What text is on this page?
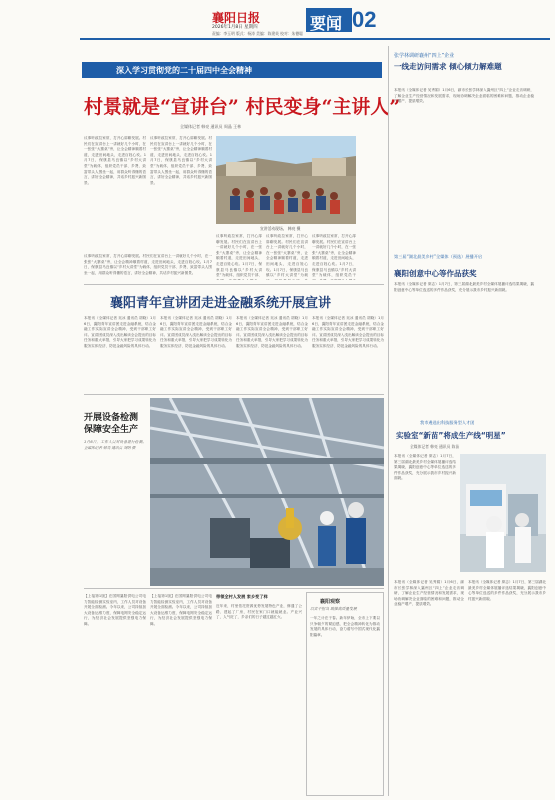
襄阳日报
2026年1月8日 星期四
责编：李玉明 版式：杨涛 美编：陈建英 校对：朱德聪
要闻 02
深入学习贯彻党的二十届四中全会精神
村景就是“宣讲台” 村民变身“主讲人”
全媒体记者 韩亮 通讯员 周晶 王林
议事听政拉家常，打开心扉聊发展。村民们在宣讲台上一讲就好几个小时，在一张张“大寨桌”旁，让全会精神顺着村道，走进田间地头，走进百姓心坎。1月7日，保康县马良镇以“乡村大讲堂”为载体，组织党员干部、乡贤、致富带头人围坐一起，用群众听得懂的语言，讲好全会精神，共话乡村振兴新图景。
议事听政拉家常，打开心扉聊发展。村民们在宣讲台上一讲就好几个小时，在一张张“大寨桌”旁，让全会精神顺着村道，走进田间地头，走进百姓心坎。1月7日，保康县马良镇以“乡村大讲堂”为载体，组织党员干部、乡贤、致富带头人围坐一起，用群众听得懂的语言，讲好全会精神，共话乡村振兴新图景。
议事听政拉家常，打开心扉聊发展。村民们在宣讲台上一讲就好几个小时，在一张张“大寨桌”旁，让全会精神顺着村道，走进田间地头，走进百姓心坎。1月7日，保康县马良镇以“乡村大讲堂”为载体，组织党员干部、乡贤、致富带头人围坐一起，用群众听得懂的语言，讲好全会精神，共话乡村振兴新图景。
宣讲活动现场。 韩亮 摄
议事听政拉家常，打开心扉聊发展。村民们在宣讲台上一讲就好几个小时，在一张张“大寨桌”旁，让全会精神顺着村道，走进田间地头，走进百姓心坎。1月7日，保康县马良镇以“乡村大讲堂”为载体，组织党员干部、
议事听政拉家常，打开心扉聊发展。村民们在宣讲台上一讲就好几个小时，在一张张“大寨桌”旁，让全会精神顺着村道，走进田间地头，走进百姓心坎。1月7日，保康县马良镇以“乡村大讲堂”为载
议事听政拉家常，打开心扉聊发展。村民们在宣讲台上一讲就好几个小时，在一张张“大寨桌”旁，让全会精神顺着村道，走进田间地头，走进百姓心坎。1月7日，保康县马良镇以“乡村大讲堂”为载体，组织党员干
襄阳青年宣讲团走进金融系统开展宣讲
本报讯（全媒体记者 吴冰 通讯员 胡晓）1月6日，襄阳青年宣讲团走进金融系统，结合金融工作实际宣讲全会精神，受到干部职工好评。宣讲团成员深入浅出解读全会提出的目标任务和重大举措，引导大家把学习成果转化为服务实体经济、防范金融风险的具体行动。
本报讯（全媒体记者 吴冰 通讯员 胡晓）1月6日，襄阳青年宣讲团走进金融系统，结合金融工作实际宣讲全会精神，受到干部职工好评。宣讲团成员深入浅出解读全会提出的目标任务和重大举措，引导大家把学习成果转化为服务实体经济、防范金融风险的具体行动。
本报讯（全媒体记者 吴冰 通讯员 胡晓）1月6日，襄阳青年宣讲团走进金融系统，结合金融工作实际宣讲全会精神，受到干部职工好评。宣讲团成员深入浅出解读全会提出的目标任务和重大举措，引导大家把学习成果转化为服务实体经济、防范金融风险的具体行动。
本报讯（全媒体记者 吴冰 通讯员 胡晓）1月6日，襄阳青年宣讲团走进金融系统，结合金融工作实际宣讲全会精神，受到干部职工好评。宣讲团成员深入浅出解读全会提出的目标任务和重大举措，引导大家把学习成果转化为服务实体经济、防范金融风险的具体行动。
开展设备检测 保障安全生产
1月6日，工作人员对设备进行检测。 全媒体记者 韩亮 通讯员 刘明 摄
【上接第1版】在国网襄阳供电公司电力智能检测实验室内，工作人员对设备开展全面检测。今年以来，公司持续加大设备运维力度，保障电网安全稳定运行，为经济社会发展提供坚强电力保障。
【上接第1版】在国网襄阳供电公司电力智能检测实验室内，工作人员对设备开展全面检测。今年以来，公司持续加大设备运维力度，保障电网安全稳定运行，为经济社会发展提供坚强电力保障。
带领全村人发展 家乡变了样
近年来，村里依托资源优势发展特色产业，修通了公路、建起了厂房，村民在家门口就能就业。产业兴了，人气旺了，乡亲们的日子越过越红火。
襄阳观察
以实干担当 助推高质量发展
一年之计在于春。新年伊始，全市上下要以只争朝夕的紧迫感，把全会精神转化为推动发展的具体行动，奋力谱写中国式现代化襄阳篇章。
张学林调研襄州“四上”企业
一线走访问需求 倾心倾力解难题
本报讯（全媒体记者 吴秀娟）1月6日，副市长张学林深入襄州区“四上”企业走访调研，了解企业生产经营情况和发展需求，现场协调解决企业面临的困难和问题，推动企业稳产增产、提质增效。
第三届“湖北最美乡村”全媒体（预选）展播开启
襄阳创意中心等作品获奖
本报讯（全媒体记者 廖志）1月7日，第三届湖北最美乡村全媒体展播评选结果揭晓，襄阳创意中心等单位选送的多件作品获奖，充分展示我市乡村振兴新面貌。
我市遴选出科技服务型人才团
实验室“新苗”将成生产线“明星”
全媒体记者 韩亮 通讯员 陈苗
本报讯（全媒体记者 廖志）1月7日，第三届湖北最美乡村全媒体展播评选结果揭晓，襄阳创意中心等单位选送的多件作品获奖，充分展示我市乡村振兴新面貌。
本报讯（全媒体记者 吴秀娟）1月6日，副市长张学林深入襄州区“四上”企业走访调研，了解企业生产经营情况和发展需求，现场协调解决企业面临的困难和问题，推动企业稳产增产、提质增效。
本报讯（全媒体记者 廖志）1月7日，第三届湖北最美乡村全媒体展播评选结果揭晓，襄阳创意中心等单位选送的多件作品获奖，充分展示我市乡村振兴新面貌。
